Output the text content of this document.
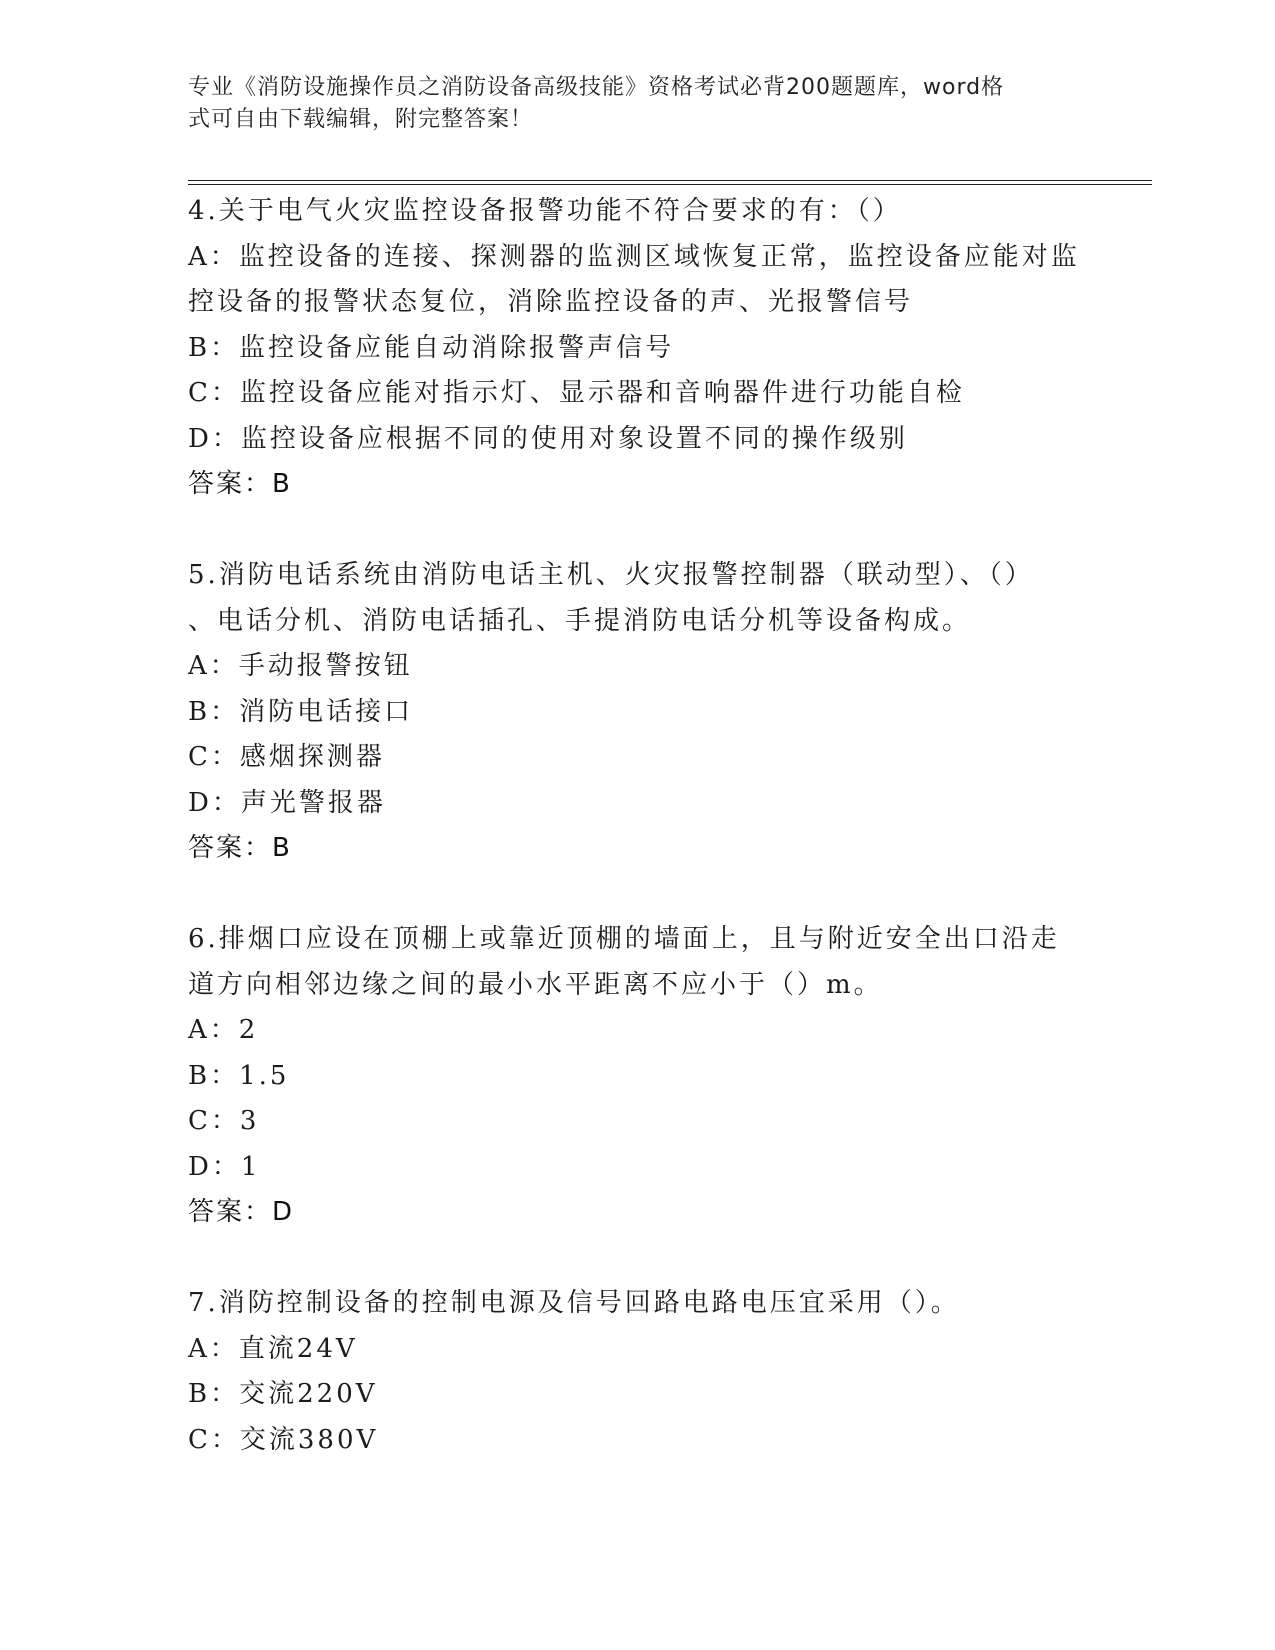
专业《消防设施操作员之消防设备高级技能》资格考试必背200题题库，word格
式可自由下载编辑，附完整答案！
4.关于电气火灾监控设备报警功能不符合要求的有：（）
A：监控设备的连接、探测器的监测区域恢复正常，监控设备应能对监
控设备的报警状态复位，消除监控设备的声、光报警信号
B：监控设备应能自动消除报警声信号
C：监控设备应能对指示灯、显示器和音响器件进行功能自检
D：监控设备应根据不同的使用对象设置不同的操作级别
答案：B
5.消防电话系统由消防电话主机、火灾报警控制器（联动型）、（）
、电话分机、消防电话插孔、手提消防电话分机等设备构成。
A：手动报警按钮
B：消防电话接口
C：感烟探测器
D：声光警报器
答案：B
6.排烟口应设在顶棚上或靠近顶棚的墙面上，且与附近安全出口沿走
道方向相邻边缘之间的最小水平距离不应小于（）m。
A：2
B：1.5
C：3
D：1
答案：D
7.消防控制设备的控制电源及信号回路电路电压宜采用（）。
A：直流24V
B：交流220V
C：交流380V
